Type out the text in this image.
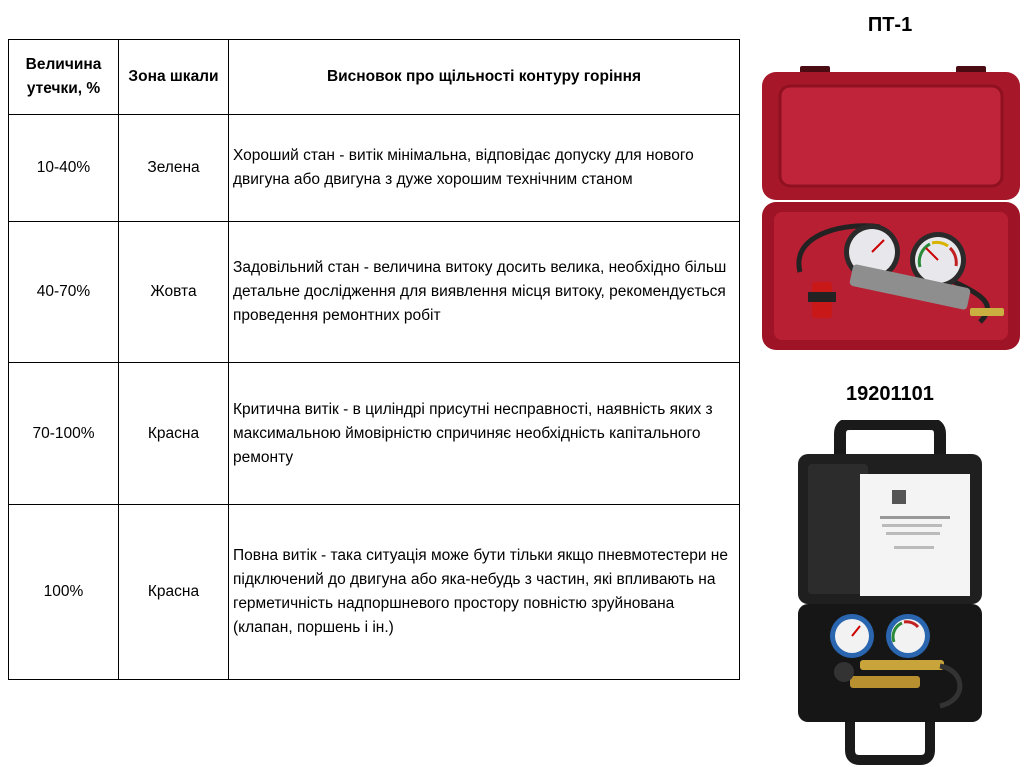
Величина утечки, %	Зона шкали	Висновок про щільності контуру горіння
10-40%	Зелена	Хороший стан - витік мінімальна, відповідає допуску для нового двигуна або двигуна з дуже хорошим технічним станом
40-70%	Жовта	Задовільний стан - величина витоку досить велика, необхідно більш детальне дослідження для виявлення місця витоку, рекомендується проведення ремонтних робіт
70-100%	Красна	Критична витік - в циліндрі присутні несправності, наявність яких з максимальною ймовірністю спричиняє необхідність капітального ремонту
100%	Красна	Повна витік - така ситуація може бути тільки якщо пневмотестери не підключений до двигуна або яка-небудь з частин, які впливають на герметичність надпоршневого простору повністю зруйнована (клапан, поршень і ін.)
ПТ-1
19201101
